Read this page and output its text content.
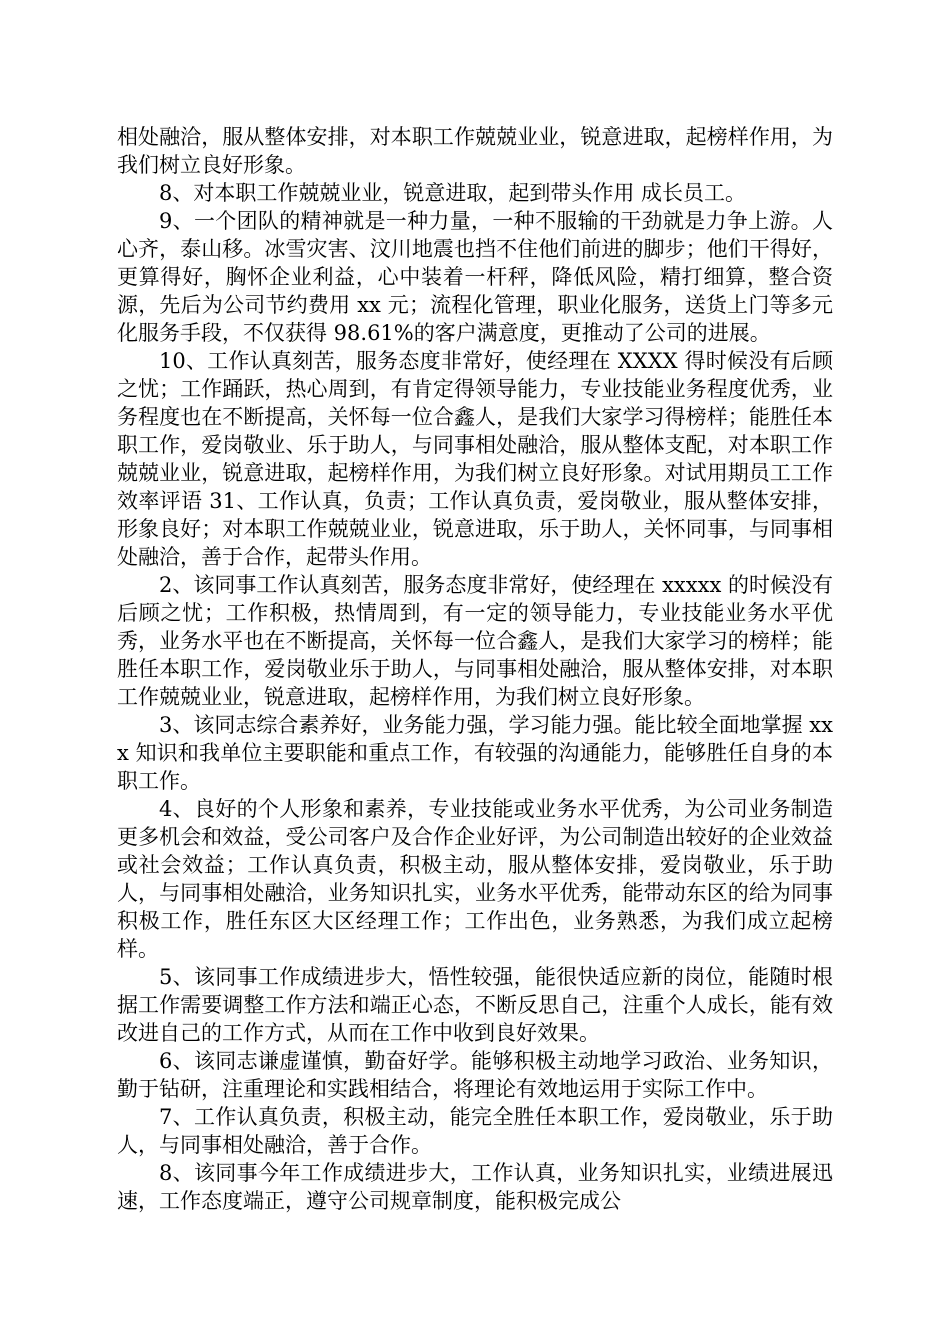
相处融洽，服从整体安排，对本职工作兢兢业业，锐意进取，起榜样作用，为我们树立良好形象。

8、对本职工作兢兢业业，锐意进取，起到带头作用 成长员工。

9、一个团队的精神就是一种力量，一种不服输的干劲就是力争上游。人心齐，泰山移。冰雪灾害、汶川地震也挡不住他们前进的脚步；他们干得好，更算得好，胸怀企业利益，心中装着一杆秤，降低风险，精打细算，整合资源，先后为公司节约费用 xx 元；流程化管理，职业化服务，送货上门等多元化服务手段，不仅获得 98.61%的客户满意度，更推动了公司的进展。

10、工作认真刻苦，服务态度非常好，使经理在 XXXX 得时候没有后顾之忧；工作踊跃，热心周到，有肯定得领导能力，专业技能业务程度优秀，业务程度也在不断提高，关怀每一位合鑫人，是我们大家学习得榜样；能胜任本职工作，爱岗敬业、乐于助人，与同事相处融洽，服从整体支配，对本职工作兢兢业业，锐意进取，起榜样作用，为我们树立良好形象。对试用期员工工作效率评语 31、工作认真，负责；工作认真负责，爱岗敬业，服从整体安排，形象良好；对本职工作兢兢业业，锐意进取，乐于助人，关怀同事，与同事相处融洽，善于合作，起带头作用。

2、该同事工作认真刻苦，服务态度非常好，使经理在 xxxxx 的时候没有后顾之忧；工作积极，热情周到，有一定的领导能力，专业技能业务水平优秀，业务水平也在不断提高，关怀每一位合鑫人，是我们大家学习的榜样；能胜任本职工作，爱岗敬业乐于助人，与同事相处融洽，服从整体安排，对本职工作兢兢业业，锐意进取，起榜样作用，为我们树立良好形象。

3、该同志综合素养好，业务能力强，学习能力强。能比较全面地掌握 xxx 知识和我单位主要职能和重点工作，有较强的沟通能力，能够胜任自身的本职工作。

4、良好的个人形象和素养，专业技能或业务水平优秀，为公司业务制造更多机会和效益，受公司客户及合作企业好评，为公司制造出较好的企业效益或社会效益；工作认真负责，积极主动，服从整体安排，爱岗敬业，乐于助人，与同事相处融洽，业务知识扎实，业务水平优秀，能带动东区的给为同事积极工作，胜任东区大区经理工作；工作出色，业务熟悉，为我们成立起榜样。

5、该同事工作成绩进步大，悟性较强，能很快适应新的岗位，能随时根据工作需要调整工作方法和端正心态，不断反思自己，注重个人成长，能有效改进自己的工作方式，从而在工作中收到良好效果。

6、该同志谦虚谨慎，勤奋好学。能够积极主动地学习政治、业务知识，勤于钻研，注重理论和实践相结合，将理论有效地运用于实际工作中。

7、工作认真负责，积极主动，能完全胜任本职工作，爱岗敬业，乐于助人，与同事相处融洽，善于合作。

8、该同事今年工作成绩进步大，工作认真，业务知识扎实，业绩进展迅速，工作态度端正，遵守公司规章制度，能积极完成公
